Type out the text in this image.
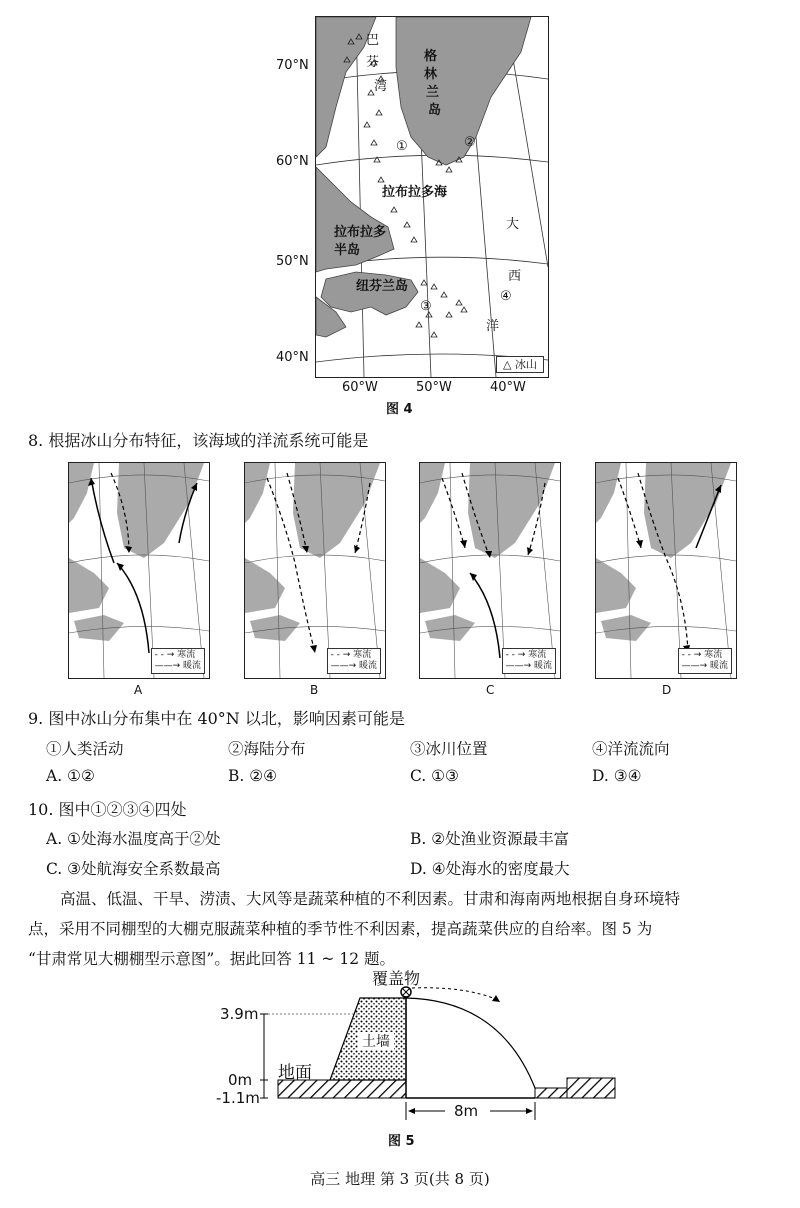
巴
芬
湾
格
林
兰
岛
①	②
③
④
拉布拉多海
拉布拉多
半岛
纽芬兰岛
大
西
洋
△ 冰山
70°N
60°N
50°N
40°N
60°W	50°W	40°W
图 4
8. 根据冰山分布特征，该海域的洋流系统可能是
- - → 寒流
——→ 暖流
- - → 寒流
——→ 暖流
- - → 寒流
——→ 暖流
- - → 寒流
——→ 暖流
A	B	C	D
9. 图中冰山分布集中在 40°N 以北，影响因素可能是
①人类活动	②海陆分布	③冰川位置	④洋流流向
A. ①②	B. ②④	C. ①③	D. ③④
10. 图中①②③④四处
A. ①处海水温度高于②处	B. ②处渔业资源最丰富
C. ③处航海安全系数最高	D. ④处海水的密度最大
高温、低温、干旱、涝渍、大风等是蔬菜种植的不利因素。甘肃和海南两地根据自身环境特
点，采用不同棚型的大棚克服蔬菜种植的季节性不利因素，提高蔬菜供应的自给率。图 5 为
“甘肃常见大棚棚型示意图”。据此回答 11 ~ 12 题。
覆盖物
土墙
地面
3.9m
0m
-1.1m
8m
图 5
高三 地理 第 3 页(共 8 页)
